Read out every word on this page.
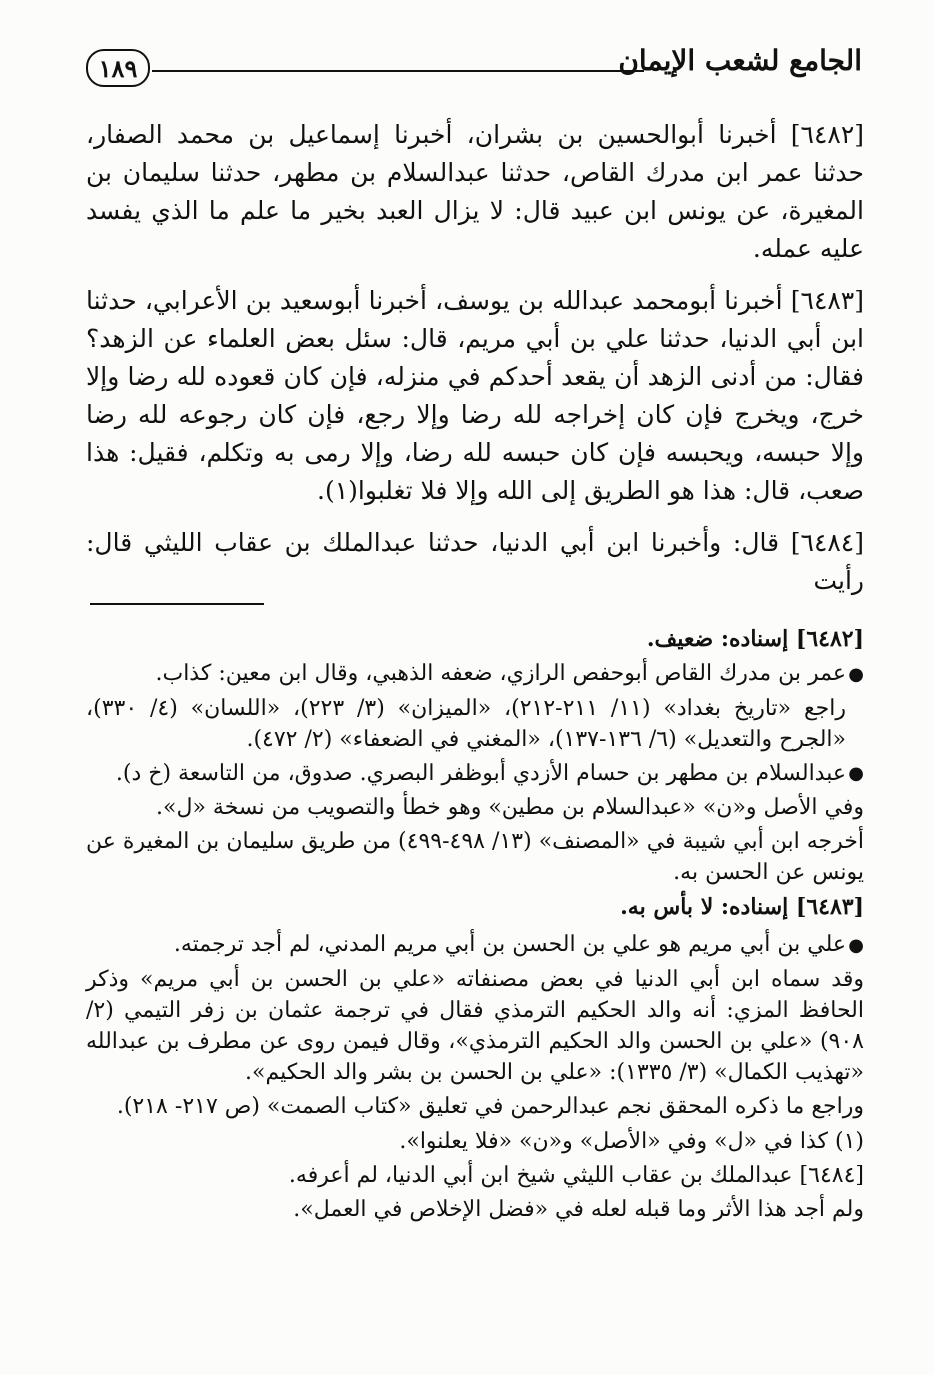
الجامع لشعب الإيمان
١٨٩

[٦٤٨٢] أخبرنا أبوالحسين بن بشران، أخبرنا إسماعيل بن محمد الصفار، حدثنا عمر ابن مدرك القاص، حدثنا عبدالسلام بن مطهر، حدثنا سليمان بن المغيرة، عن يونس ابن عبيد قال: لا يزال العبد بخير ما علم ما الذي يفسد عليه عمله.

[٦٤٨٣] أخبرنا أبومحمد عبدالله بن يوسف، أخبرنا أبوسعيد بن الأعرابي، حدثنا ابن أبي الدنيا، حدثنا علي بن أبي مريم، قال: سئل بعض العلماء عن الزهد؟ فقال: من أدنى الزهد أن يقعد أحدكم في منزله، فإن كان قعوده لله رضا وإلا خرج، ويخرج فإن كان إخراجه لله رضا وإلا رجع، فإن كان رجوعه لله رضا وإلا حبسه، ويحبسه فإن كان حبسه لله رضا، وإلا رمى به وتكلم، فقيل: هذا صعب، قال: هذا هو الطريق إلى الله وإلا فلا تغلبوا(١).

[٦٤٨٤] قال: وأخبرنا ابن أبي الدنيا، حدثنا عبدالملك بن عقاب الليثي قال: رأيت

[٦٤٨٢] إسناده: ضعيف.

●عمر بن مدرك القاص أبوحفص الرازي، ضعفه الذهبي، وقال ابن معين: كذاب.

راجع «تاريخ بغداد» (١١/ ٢١١-٢١٢)، «الميزان» (٣/ ٢٢٣)، «اللسان» (٤/ ٣٣٠)، «الجرح والتعديل» (٦/ ١٣٦-١٣٧)، «المغني في الضعفاء» (٢/ ٤٧٢).

●عبدالسلام بن مطهر بن حسام الأزدي أبوظفر البصري. صدوق، من التاسعة (خ د).

وفي الأصل و«ن» «عبدالسلام بن مطين» وهو خطأ والتصويب من نسخة «ل».

أخرجه ابن أبي شيبة في «المصنف» (١٣/ ٤٩٨-٤٩٩) من طريق سليمان بن المغيرة عن يونس عن الحسن به.

[٦٤٨٣] إسناده: لا بأس به.

●علي بن أبي مريم هو علي بن الحسن بن أبي مريم المدني، لم أجد ترجمته.

وقد سماه ابن أبي الدنيا في بعض مصنفاته «علي بن الحسن بن أبي مريم» وذكر الحافظ المزي: أنه والد الحكيم الترمذي فقال في ترجمة عثمان بن زفر التيمي (٢/ ٩٠٨) «علي بن الحسن والد الحكيم الترمذي»، وقال فيمن روى عن مطرف بن عبدالله «تهذيب الكمال» (٣/ ١٣٣٥): «علي بن الحسن بن بشر والد الحكيم».

وراجع ما ذكره المحقق نجم عبدالرحمن في تعليق «كتاب الصمت» (ص ٢١٧- ٢١٨).

(١) كذا في «ل» وفي «الأصل» و«ن» «فلا يعلنوا».

[٦٤٨٤] عبدالملك بن عقاب الليثي شيخ ابن أبي الدنيا، لم أعرفه.

ولم أجد هذا الأثر وما قبله لعله في «فضل الإخلاص في العمل».
